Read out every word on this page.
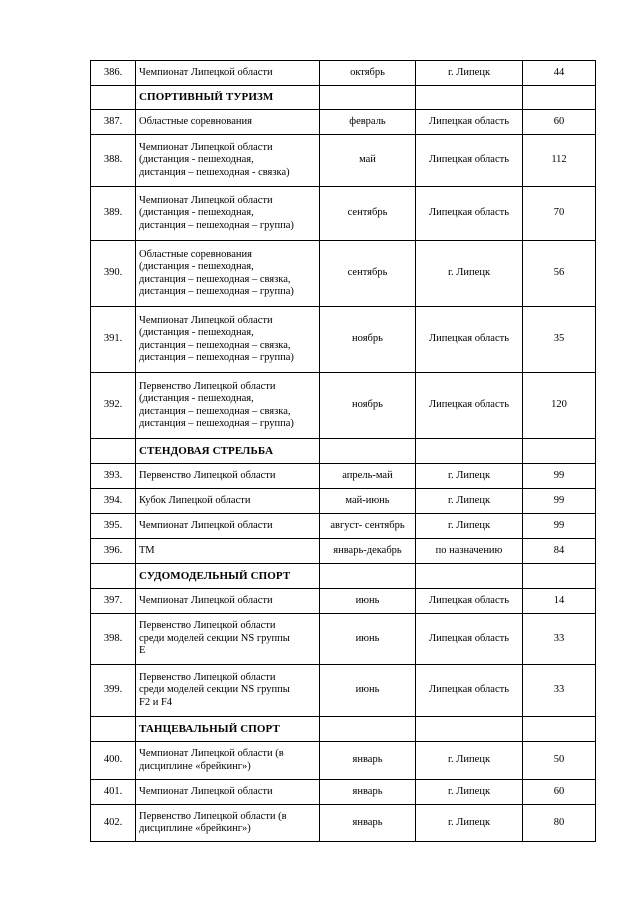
386.	Чемпионат Липецкой области	октябрь	г. Липецк	44
	СПОРТИВНЫЙ ТУРИЗМ			
387.	Областные соревнования	февраль	Липецкая область	60
388.	Чемпионат Липецкой области
(дистанция - пешеходная,
дистанция – пешеходная - связка)	май	Липецкая область	112
389.	Чемпионат Липецкой области
(дистанция - пешеходная,
дистанция – пешеходная – группа)	сентябрь	Липецкая область	70
390.	Областные соревнования
(дистанция - пешеходная,
дистанция – пешеходная – связка,
дистанция – пешеходная – группа)	сентябрь	г. Липецк	56
391.	Чемпионат Липецкой области
(дистанция - пешеходная,
дистанция – пешеходная – связка,
дистанция – пешеходная – группа)	ноябрь	Липецкая область	35
392.	Первенство Липецкой области
(дистанция - пешеходная,
дистанция – пешеходная – связка,
дистанция – пешеходная – группа)	ноябрь	Липецкая область	120
	СТЕНДОВАЯ СТРЕЛЬБА			
393.	Первенство Липецкой области	апрель-май	г. Липецк	99
394.	Кубок Липецкой области	май-июнь	г. Липецк	99
395.	Чемпионат Липецкой области	август- сентябрь	г. Липецк	99
396.	ТМ	январь-декабрь	по назначению	84
	СУДОМОДЕЛЬНЫЙ СПОРТ			
397.	Чемпионат Липецкой области	июнь	Липецкая область	14
398.	Первенство Липецкой области
среди моделей секции NS группы
Е	июнь	Липецкая область	33
399.	Первенство Липецкой области
среди моделей секции NS группы
F2 и F4	июнь	Липецкая область	33
	ТАНЦЕВАЛЬНЫЙ СПОРТ			
400.	Чемпионат Липецкой области (в
дисциплине «брейкинг»)	январь	г. Липецк	50
401.	Чемпионат Липецкой области	январь	г. Липецк	60
402.	Первенство Липецкой области (в
дисциплине «брейкинг»)	январь	г. Липецк	80
